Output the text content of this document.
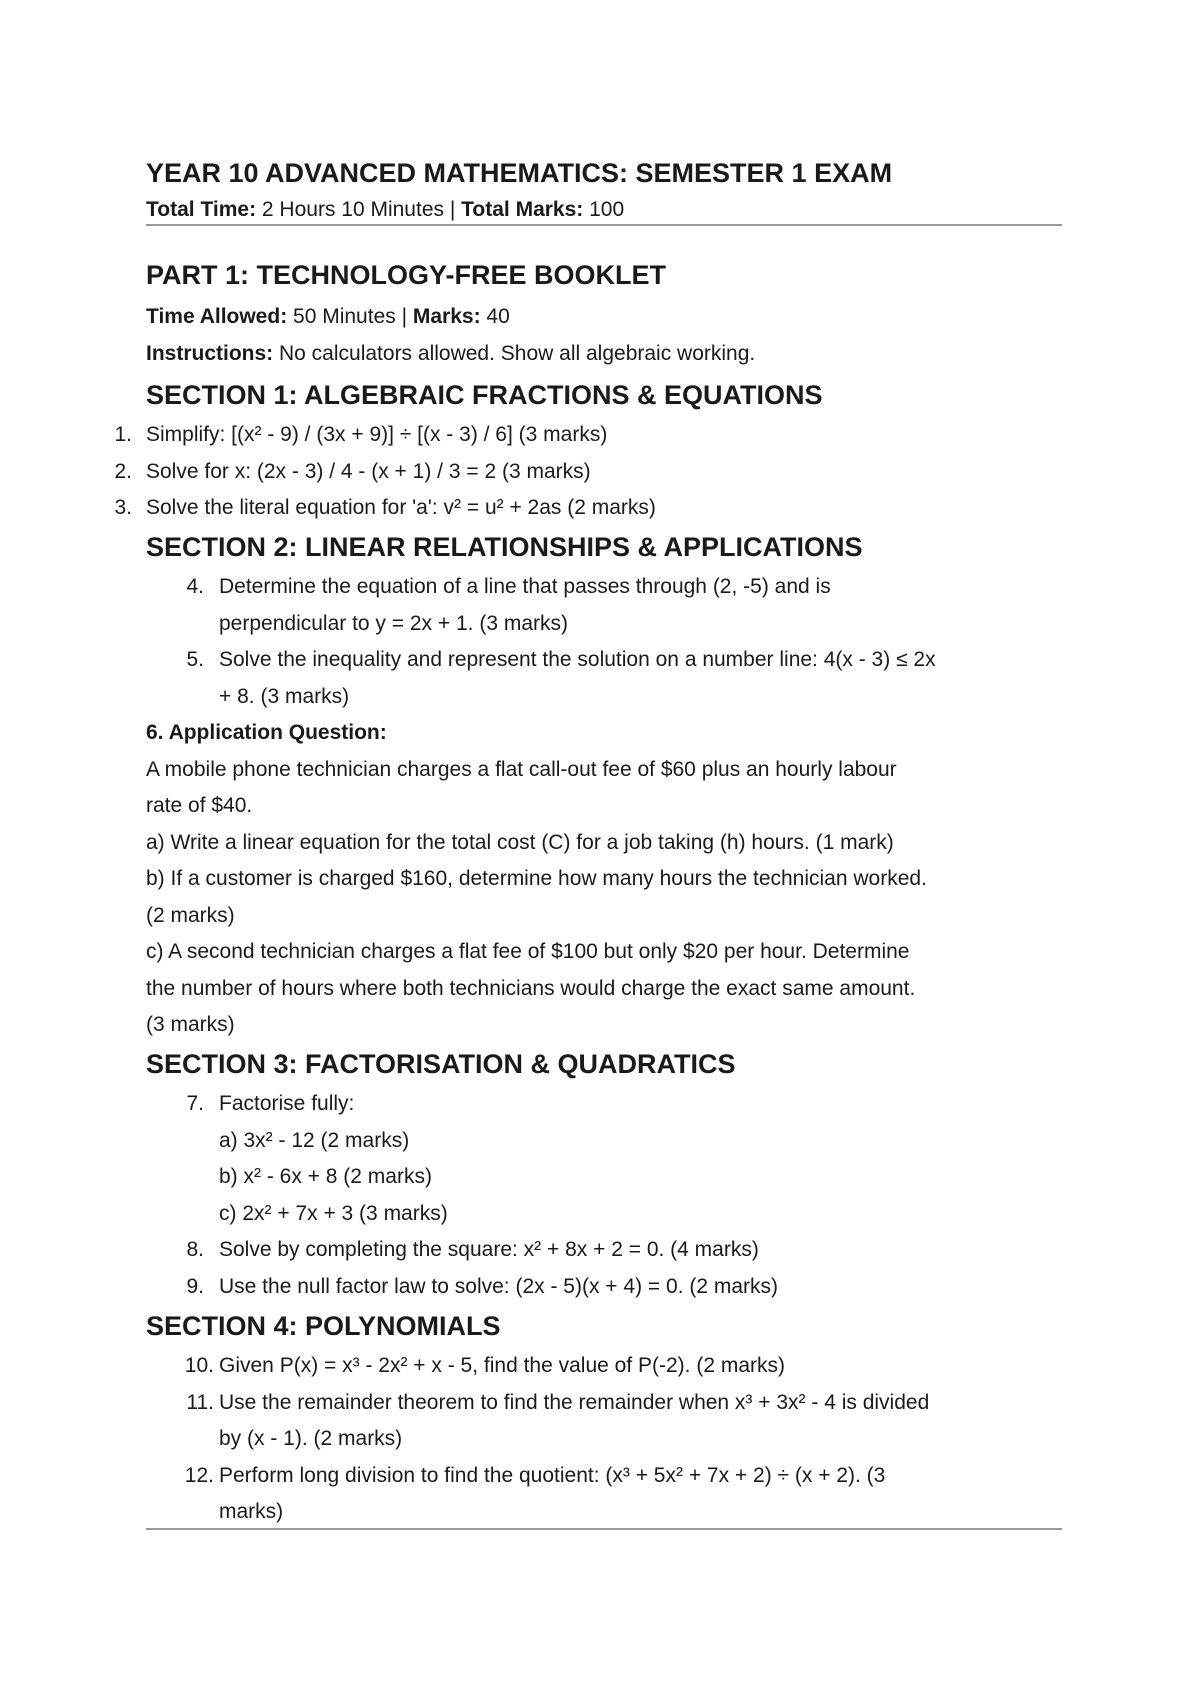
YEAR 10 ADVANCED MATHEMATICS: SEMESTER 1 EXAM
Total Time: 2 Hours 10 Minutes | Total Marks: 100
PART 1: TECHNOLOGY-FREE BOOKLET
Time Allowed: 50 Minutes | Marks: 40
Instructions: No calculators allowed. Show all algebraic working.
SECTION 1: ALGEBRAIC FRACTIONS & EQUATIONS
1. Simplify: [(x² - 9) / (3x + 9)] ÷ [(x - 3) / 6] (3 marks)
2. Solve for x: (2x - 3) / 4 - (x + 1) / 3 = 2 (3 marks)
3. Solve the literal equation for 'a': v² = u² + 2as (2 marks)
SECTION 2: LINEAR RELATIONSHIPS & APPLICATIONS
4. Determine the equation of a line that passes through (2, -5) and is
perpendicular to y = 2x + 1. (3 marks)
5. Solve the inequality and represent the solution on a number line: 4(x - 3) ≤ 2x
+ 8. (3 marks)
6. Application Question:
A mobile phone technician charges a flat call-out fee of $60 plus an hourly labour
rate of $40.
a) Write a linear equation for the total cost (C) for a job taking (h) hours. (1 mark)
b) If a customer is charged $160, determine how many hours the technician worked.
(2 marks)
c) A second technician charges a flat fee of $100 but only $20 per hour. Determine
the number of hours where both technicians would charge the exact same amount.
(3 marks)
SECTION 3: FACTORISATION & QUADRATICS
7. Factorise fully:
a) 3x² - 12 (2 marks)
b) x² - 6x + 8 (2 marks)
c) 2x² + 7x + 3 (3 marks)
8. Solve by completing the square: x² + 8x + 2 = 0. (4 marks)
9. Use the null factor law to solve: (2x - 5)(x + 4) = 0. (2 marks)
SECTION 4: POLYNOMIALS
10. Given P(x) = x³ - 2x² + x - 5, find the value of P(-2). (2 marks)
11. Use the remainder theorem to find the remainder when x³ + 3x² - 4 is divided
by (x - 1). (2 marks)
12. Perform long division to find the quotient: (x³ + 5x² + 7x + 2) ÷ (x + 2). (3
marks)
